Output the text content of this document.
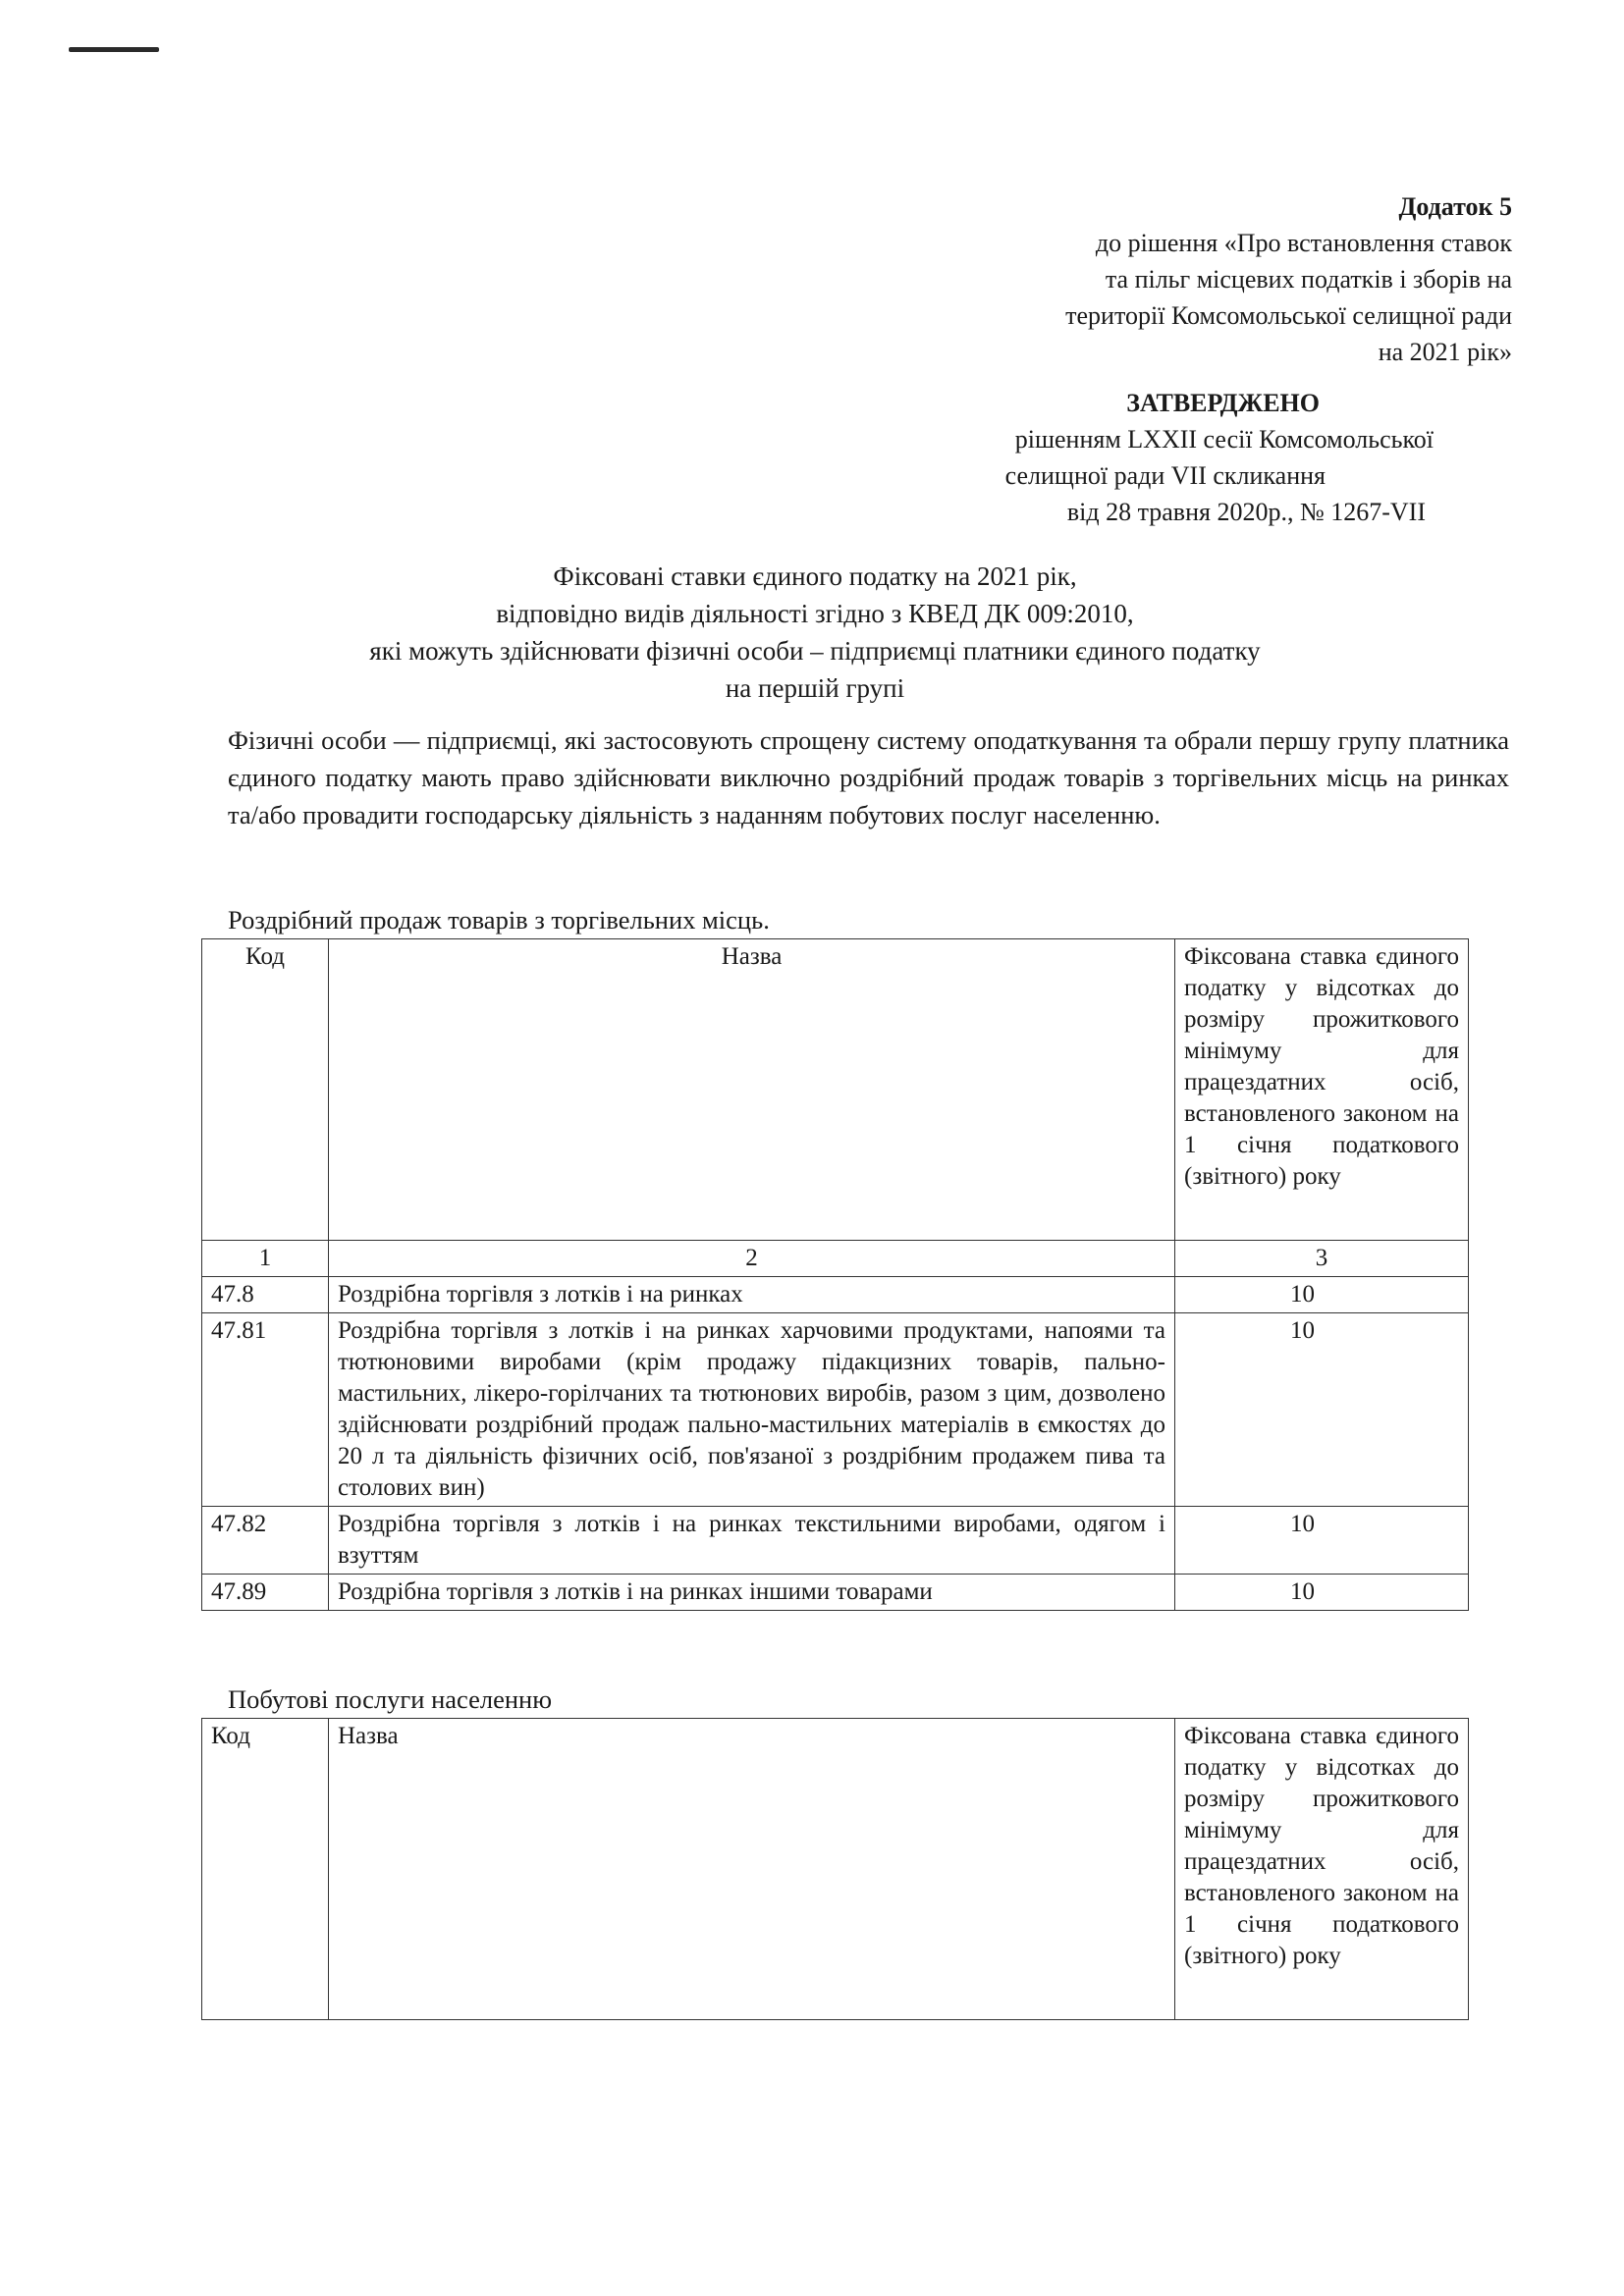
Додаток 5
до рішення «Про встановлення ставок
та пільг місцевих податків і зборів на
території Комсомольської селищної ради
на 2021 рік»
ЗАТВЕРДЖЕНО
рішенням LXXII сесії Комсомольської
селищної ради VII скликання
від 28 травня 2020р., № 1267-VII
Фіксовані ставки єдиного податку на 2021 рік,
відповідно видів діяльності згідно з КВЕД ДК 009:2010,
які можуть здійснювати фізичні особи – підприємці платники єдиного податку
на першій групі
Фізичні особи — підприємці, які застосовують спрощену систему оподаткування та обрали першу групу платника єдиного податку мають право здійснювати виключно роздрібний продаж товарів з торгівельних місць на ринках та/або провадити господарську діяльність з наданням побутових послуг населенню.
Роздрібний продаж товарів з торгівельних місць.
Код	Назва	Фіксована ставка єдиного податку у відсотках до розміру прожиткового мінімуму для працездатних осіб, встановленого законом на 1 січня податкового (звітного) року
1	2	3
47.8	Роздрібна торгівля з лотків і на ринках	10
47.81	Роздрібна торгівля з лотків і на ринках харчовими продуктами, напоями та тютюновими виробами (крім продажу підакцизних товарів, пально-мастильних, лікеро-горілчаних та тютюнових виробів, разом з цим, дозволено здійснювати роздрібний продаж пально-мастильних матеріалів в ємкостях до 20 л та діяльність фізичних осіб, пов'язаної з роздрібним продажем пива та столових вин)	10
47.82	Роздрібна торгівля з лотків і на ринках текстильними виробами, одягом і взуттям	10
47.89	Роздрібна торгівля з лотків і на ринках іншими товарами	10
Побутові послуги населенню
Код	Назва	Фіксована ставка єдиного податку у відсотках до розміру прожиткового мінімуму для працездатних осіб, встановленого законом на 1 січня податкового (звітного) року
